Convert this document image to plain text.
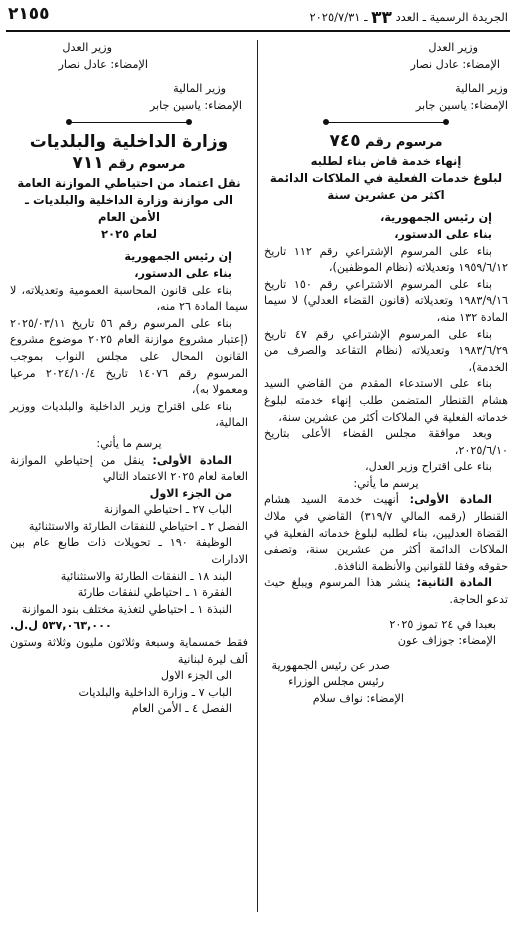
الجريدة الرسمية ـ العدد ٣٣ ـ ٢٠٢٥/٧/٣١
٢١٥٥
وزير العدل
الإمضاء: عادل نصار
وزير المالية
الإمضاء: ياسين جابر
مرسوم رقم ٧٤٥
إنهاء خدمة قاض بناء لطلبه
لبلوغ خدمات الفعلية في الملاكات الدائمة
اكثر من عشرين سنة
إن رئيس الجمهورية،
بناء على الدستور،
بناء على المرسوم الإشتراعي رقم ١١٢ تاريخ ١٩٥٩/٦/١٢ وتعديلاته (نظام الموظفين)،
بناء على المرسوم الاشتراعي رقم ١٥٠ تاريخ ١٩٨٣/٩/١٦ وتعديلاته (قانون القضاء العدلي) لا سيما المادة ١٣٢ منه،
بناء على المرسوم الإشتراعي رقم ٤٧ تاريخ ١٩٨٣/٦/٢٩ وتعديلاته (نظام التقاعد والصرف من الخدمة)،
بناء على الاستدعاء المقدم من القاضي السيد هشام القنطار المتضمن طلب إنهاء خدمته لبلوغ خدماته الفعلية في الملاكات أكثر من عشرين سنة،
وبعد موافقة مجلس القضاء الأعلى بتاريخ ٢٠٢٥/٦/١٠،
بناء على اقتراح وزير العدل،
يرسم ما يأتي:
المادة الأولى: أنهيت خدمة السيد هشام القنطار (رقمه المالي ٣١٩/٧) القاضي في ملاك القضاة العدليين، بناء لطلبه لبلوغ خدماته الفعلية في الملاكات الدائمة أكثر من عشرين سنة، وتصفى حقوقه وفقا للقوانين والأنظمة النافذة.
المادة الثانية: ينشر هذا المرسوم ويبلغ حيث تدعو الحاجة.
بعبدا في ٢٤ تموز ٢٠٢٥
الإمضاء: جوزاف عون
صدر عن رئيس الجمهورية
رئيس مجلس الوزراء
الإمضاء: نواف سلام
وزير العدل
الإمضاء: عادل نصار
وزير المالية
الإمضاء: ياسين جابر
وزارة الداخلية والبلديات
مرسوم رقم ٧١١
نقل اعتماد من احتياطي الموازنة العامة
الى موازنة وزارة الداخلية والبلديات ـ الأمن العام
لعام ٢٠٢٥
إن رئيس الجمهورية
بناء على الدستور،
بناء على قانون المحاسبة العمومية وتعديلاته، لا سيما المادة ٢٦ منه،
بناء على المرسوم رقم ٥٦ تاريخ ٢٠٢٥/٠٣/١١ (إعتبار مشروع موازنة العام ٢٠٢٥ موضوع مشروع القانون المحال على مجلس النواب بموجب المرسوم رقم ١٤٠٧٦ تاريخ ٢٠٢٤/١٠/٤ مرعيا ومعمولا به)،
بناء على اقتراح وزير الداخلية والبلديات ووزير المالية،
يرسم ما يأتي:
المادة الأولى: ينقل من إحتياطي الموازنة العامة لعام ٢٠٢٥ الاعتماد التالي
من الجزء الاول
الباب ٢٧ ـ احتياطي الموازنة
الفصل ٢ ـ احتياطي للنفقات الطارئة والاستثنائية
الوظيفة ١٩٠ ـ تحويلات ذات طابع عام بين الادارات
البند ١٨ ـ النفقات الطارئة والاستثنائية
الفقرة ١ ـ احتياطي لنفقات طارئة
النبذة ١ ـ احتياطي لتغذية مختلف بنود الموازنة
٥٣٧,٠٦٣,٠٠٠ ل.ل.
فقط خمسماية وسبعة وثلاثون مليون وثلاثة وستون ألف ليرة لبنانية
الى الجزء الاول
الباب ٧ ـ وزارة الداخلية والبلديات
الفصل ٤ ـ الأمن العام
